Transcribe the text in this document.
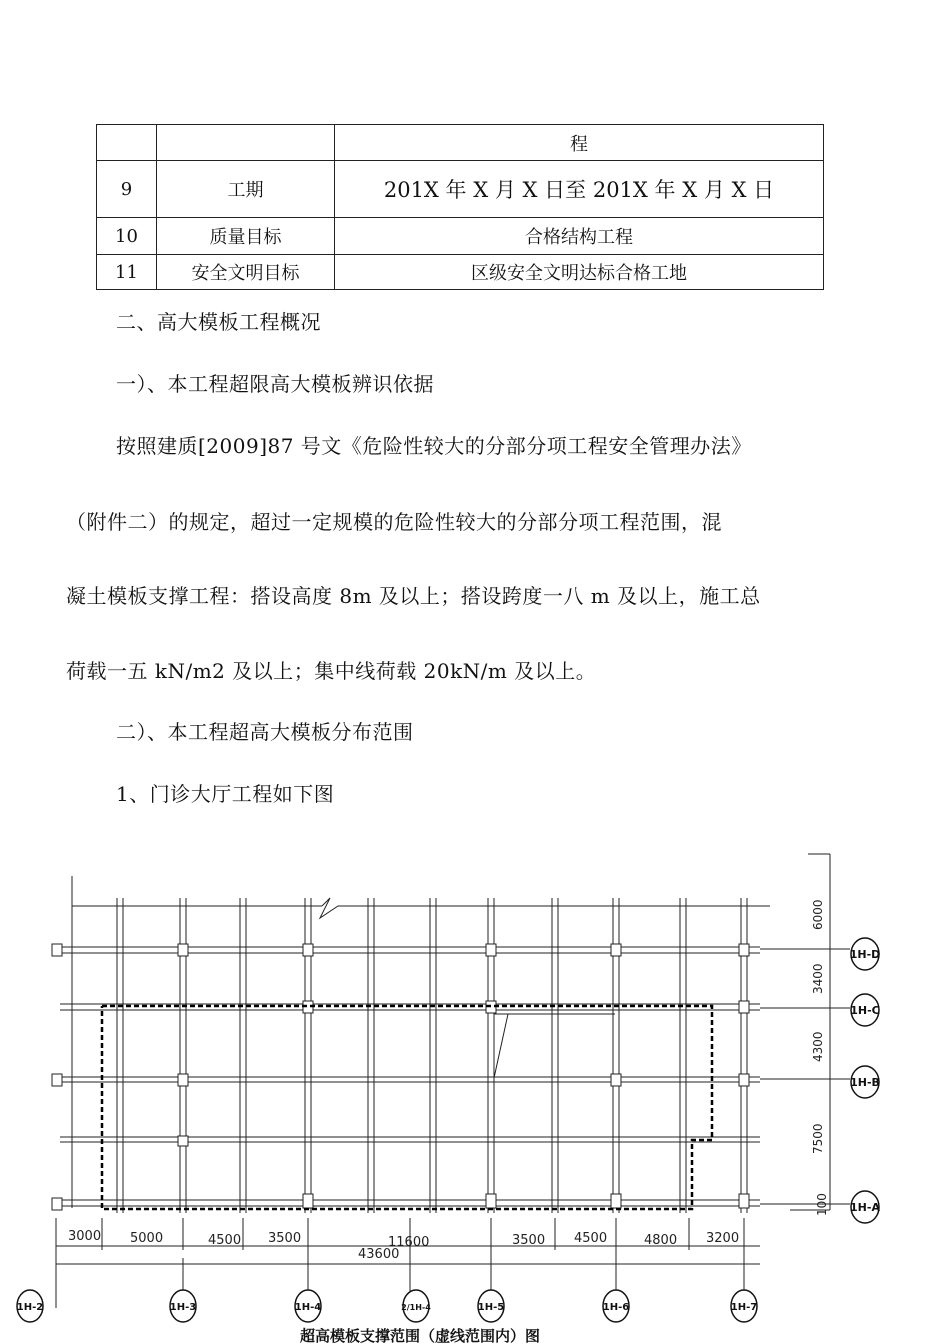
		程
9	工期	201X 年 X 月 X 日至 201X 年 X 月 X 日
10	质量目标	合格结构工程
11	安全文明目标	区级安全文明达标合格工地
二、高大模板工程概况
一）、本工程超限高大模板辨识依据
按照建质[2009]87 号文《危险性较大的分部分项工程安全管理办法》
（附件二）的规定，超过一定规模的危险性较大的分部分项工程范围，混
凝土模板支撑工程：搭设高度 8m 及以上；搭设跨度一八 m 及以上，施工总
荷载一五 kN/m2 及以上；集中线荷载 20kN/m 及以上。
二）、本工程超高大模板分布范围
1、门诊大厅工程如下图
3000 5000	4500 3500	11600	3500 4500	4800 3200
43600
6000
3400
4300
7500
100
1H-D
1H-C
1H-B
1H-A
1H-2	1H-3	1H-4	2/1H-4	1H-5	1H-6	1H-7
超高模板支撑范围（虚线范围内）图
